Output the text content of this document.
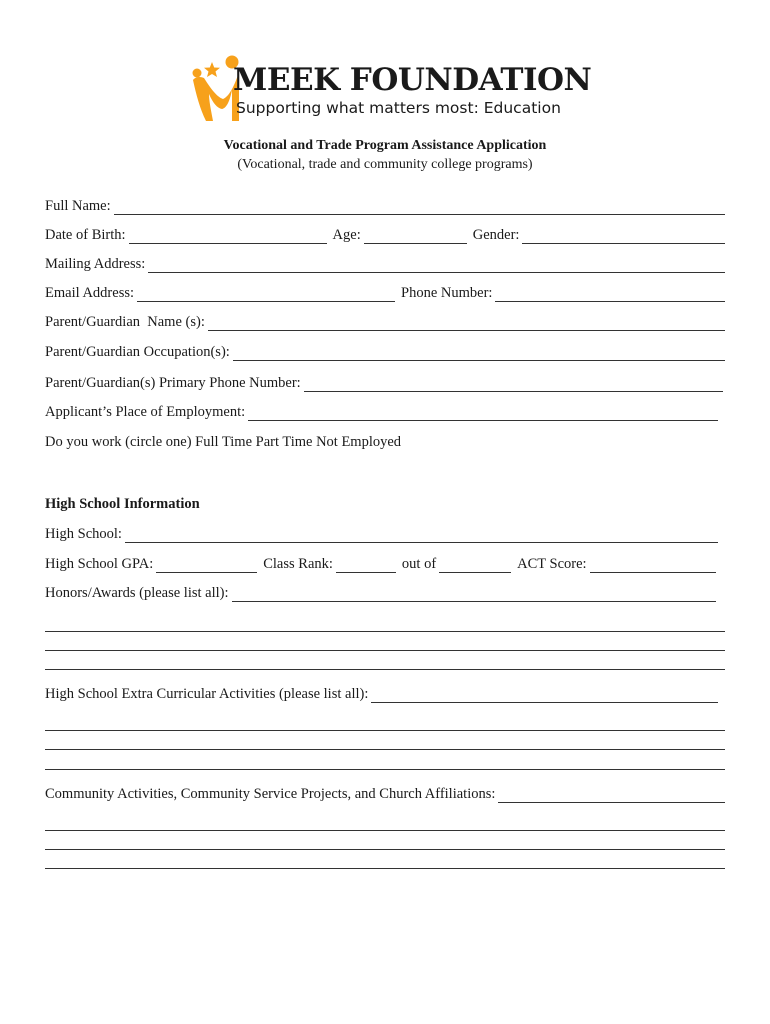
MEEK FOUNDATION
Supporting what matters most: Education
Vocational and Trade Program Assistance Application
(Vocational, trade and community college programs)
Full Name:
Date of Birth:	Age:	Gender:
Mailing Address:
Email Address:	Phone Number:
Parent/Guardian  Name (s):
Parent/Guardian Occupation(s):
Parent/Guardian(s) Primary Phone Number:
Applicant’s Place of Employment:
Do you work (circle one) Full Time Part Time Not Employed
High School Information
High School:
High School GPA:	Class Rank:	out of	ACT Score:
Honors/Awards (please list all):
High School Extra Curricular Activities (please list all):
Community Activities, Community Service Projects, and Church Affiliations:
